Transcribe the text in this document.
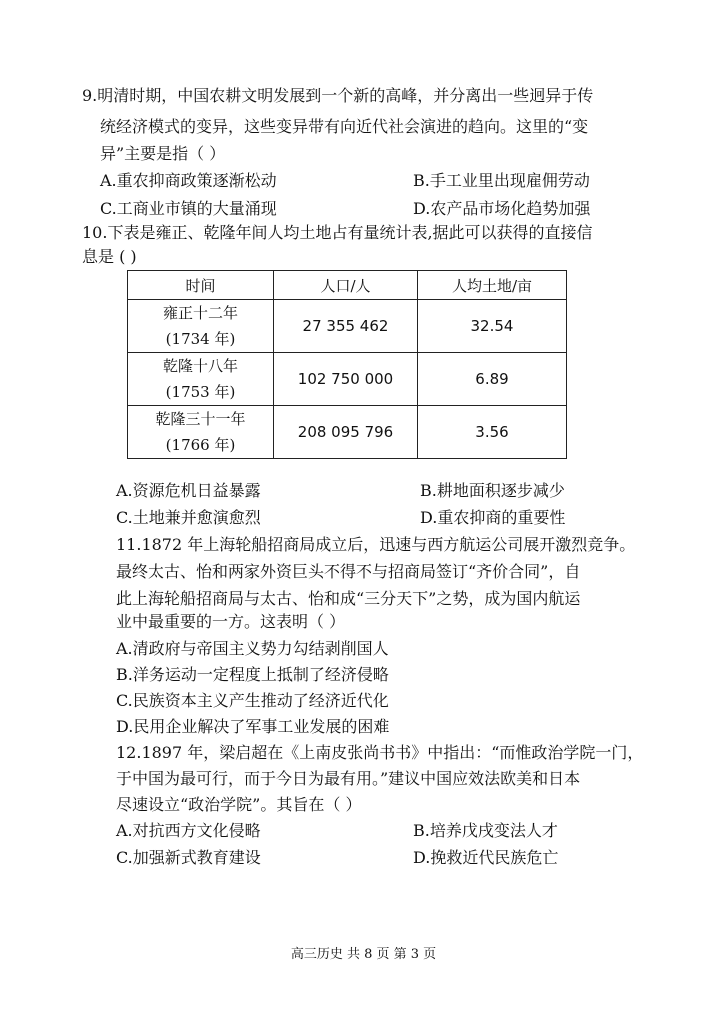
9.明清时期，中国农耕文明发展到一个新的高峰，并分离出一些迥异于传
统经济模式的变异，这些变异带有向近代社会演进的趋向。这里的“变
异”主要是指（ ）
A.重农抑商政策逐渐松动	B.手工业里出现雇佣劳动
C.工商业市镇的大量涌现	D.农产品市场化趋势加强
10.下表是雍正、乾隆年间人均土地占有量统计表,据此可以获得的直接信
息是 ( )
时间	人口/人	人均土地/亩

雍正十二年
(1734 年)	27 355 462	32.54

乾隆十八年
(1753 年)	102 750 000	6.89

乾隆三十一年
(1766 年)	208 095 796	3.56
A.资源危机日益暴露	B.耕地面积逐步减少
C.土地兼并愈演愈烈	D.重农抑商的重要性
11.1872 年上海轮船招商局成立后，迅速与西方航运公司展开激烈竞争。
最终太古、怡和两家外资巨头不得不与招商局签订“齐价合同”，自
此上海轮船招商局与太古、怡和成“三分天下”之势，成为国内航运
业中最重要的一方。这表明（ ）
A.清政府与帝国主义势力勾结剥削国人
B.洋务运动一定程度上抵制了经济侵略
C.民族资本主义产生推动了经济近代化
D.民用企业解决了军事工业发展的困难
12.1897 年，梁启超在《上南皮张尚书书》中指出：“而惟政治学院一门，
于中国为最可行，而于今日为最有用。”建议中国应效法欧美和日本
尽速设立“政治学院”。其旨在（ ）
A.对抗西方文化侵略	B.培养戊戌变法人才
C.加强新式教育建设	D.挽救近代民族危亡
高三历史 共 8 页 第 3 页
